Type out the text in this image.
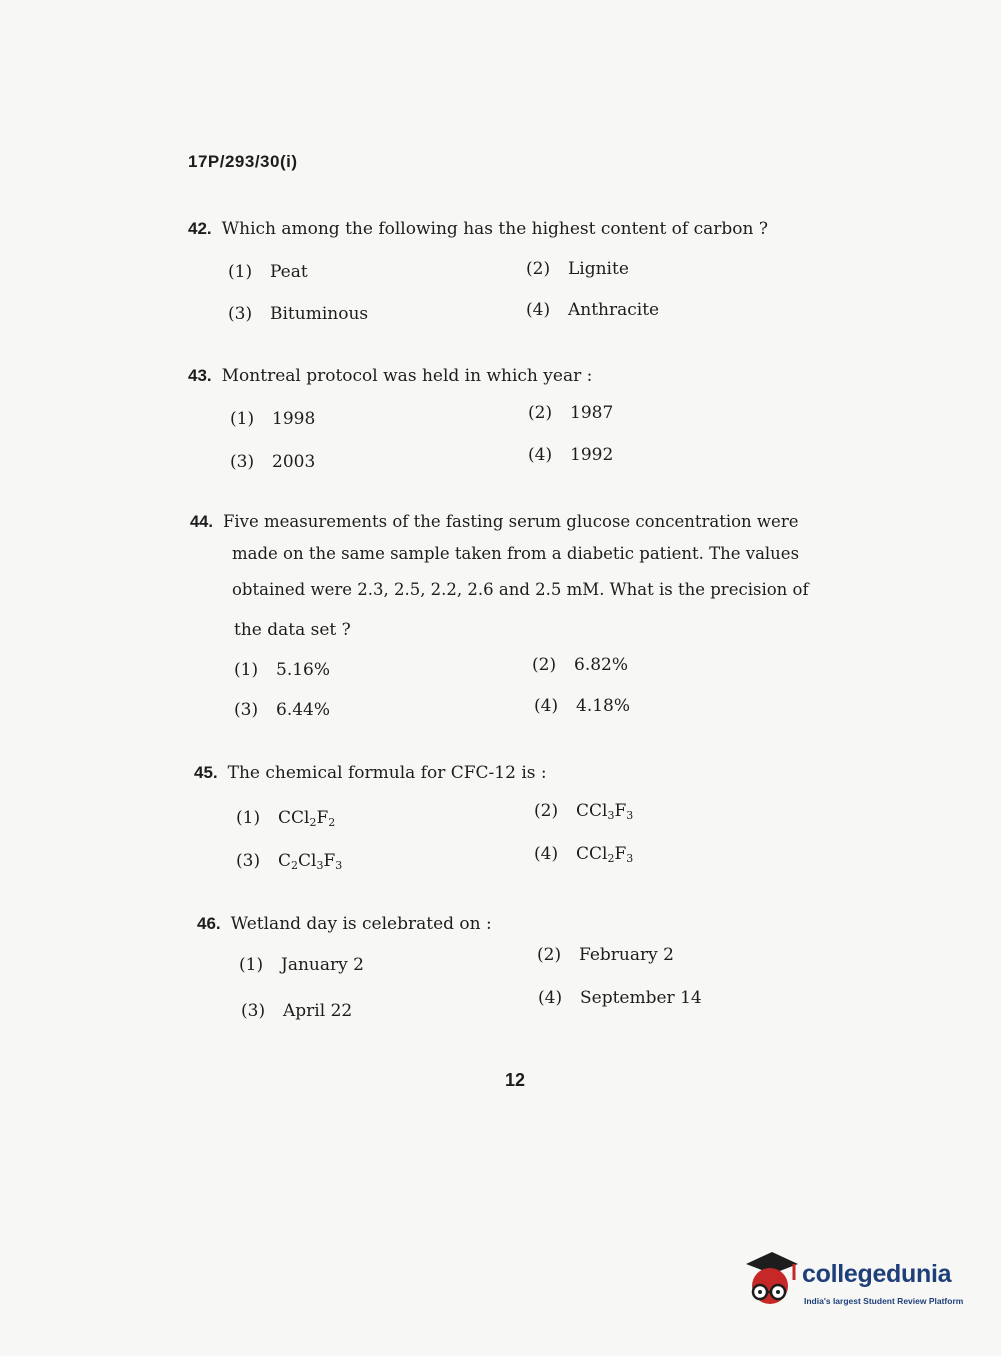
17P/293/30(i)
42. Which among the following has the highest content of carbon ?
(1) Peat	(2) Lignite
(3) Bituminous	(4) Anthracite
43. Montreal protocol was held in which year :
(1) 1998	(2) 1987
(3) 2003	(4) 1992
44. Five measurements of the fasting serum glucose concentration were
made on the same sample taken from a diabetic patient. The values
obtained were 2.3, 2.5, 2.2, 2.6 and 2.5 mM. What is the precision of
the data set ?
(1) 5.16%	(2) 6.82%
(3) 6.44%	(4) 4.18%
45. The chemical formula for CFC-12 is :
(1) $CCl_2F_2$
(2) $CCl_3F_3$
(3) $C_2Cl_3F_3$
(4) $CCl_2F_3$
46. Wetland day is celebrated on :
(1) January 2	(2) February 2
(3) April 22
(4) September 14
12
collegedunia
India's largest Student Review Platform
